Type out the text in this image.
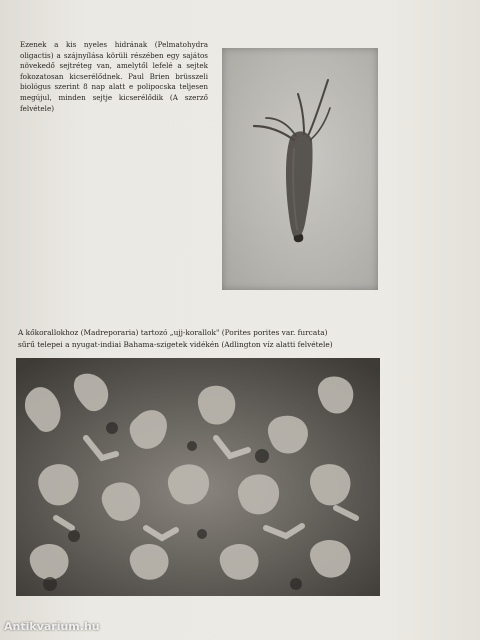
Ezenek a kis nyeles hidrának (Pelmatohydra oligactis) a szájnyílása körüli részében egy sajátos növekedő sejtréteg van, amelytől lefelé a sejtek fokozatosan kicserélődnek. Paul Brien brüsszeli biológus szerint 8 nap alatt e polipocska teljesen megújul, minden sejtje kicserélődik (A szerző felvétele)
A kőkorallokhoz (Madreporaria) tartozó „ujj-korallok" (Porites porites var. furcata)
sűrű telepei a nyugat-indiai Bahama-szigetek vidékén (Adlington víz alatti felvétele)
Antikvarium.hu
